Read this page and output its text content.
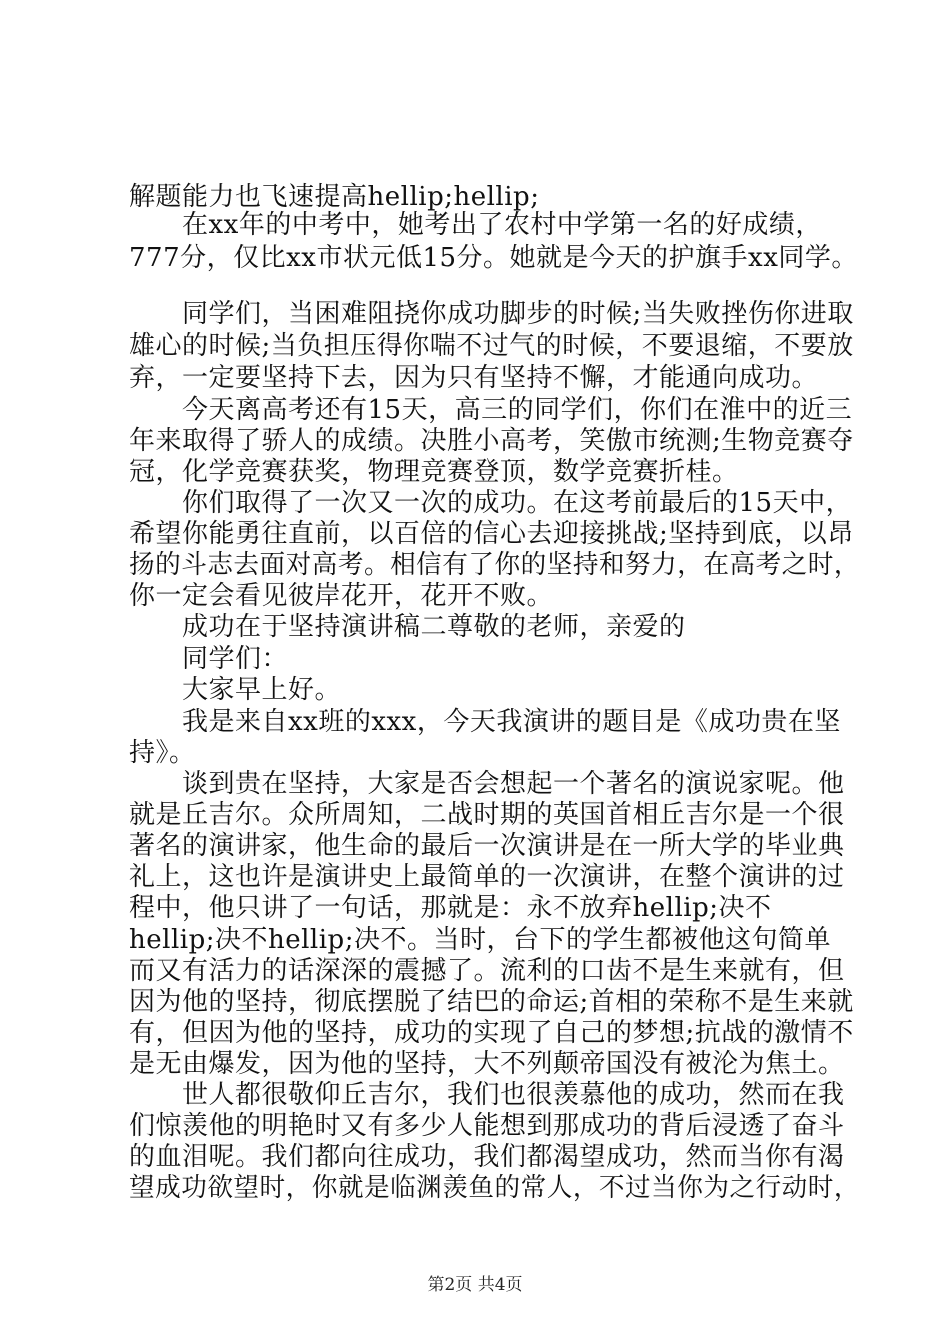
解题能力也飞速提高hellip;hellip;
　　在xx年的中考中，她考出了农村中学第一名的好成绩，
777分，仅比xx市状元低15分。她就是今天的护旗手xx同学。
　　同学们，当困难阻挠你成功脚步的时候;当失败挫伤你进取
雄心的时候;当负担压得你喘不过气的时候，不要退缩，不要放
弃，一定要坚持下去，因为只有坚持不懈，才能通向成功。
　　今天离高考还有15天，高三的同学们，你们在淮中的近三
年来取得了骄人的成绩。决胜小高考，笑傲市统测;生物竞赛夺
冠，化学竞赛获奖，物理竞赛登顶，数学竞赛折桂。
　　你们取得了一次又一次的成功。在这考前最后的15天中，
希望你能勇往直前，以百倍的信心去迎接挑战;坚持到底，以昂
扬的斗志去面对高考。相信有了你的坚持和努力，在高考之时，
你一定会看见彼岸花开，花开不败。
　　成功在于坚持演讲稿二尊敬的老师，亲爱的
　　同学们：
　　大家早上好。
　　我是来自xx班的xxx，今天我演讲的题目是《成功贵在坚
持》。
　　谈到贵在坚持，大家是否会想起一个著名的演说家呢。他
就是丘吉尔。众所周知，二战时期的英国首相丘吉尔是一个很
著名的演讲家，他生命的最后一次演讲是在一所大学的毕业典
礼上，这也许是演讲史上最简单的一次演讲，在整个演讲的过
程中，他只讲了一句话，那就是：永不放弃hellip;决不
hellip;决不hellip;决不。当时，台下的学生都被他这句简单
而又有活力的话深深的震撼了。流利的口齿不是生来就有，但
因为他的坚持，彻底摆脱了结巴的命运;首相的荣称不是生来就
有，但因为他的坚持，成功的实现了自己的梦想;抗战的激情不
是无由爆发，因为他的坚持，大不列颠帝国没有被沦为焦土。
　　世人都很敬仰丘吉尔，我们也很羡慕他的成功，然而在我
们惊羡他的明艳时又有多少人能想到那成功的背后浸透了奋斗
的血泪呢。我们都向往成功，我们都渴望成功，然而当你有渴
望成功欲望时，你就是临渊羡鱼的常人，不过当你为之行动时，
第2页 共4页
